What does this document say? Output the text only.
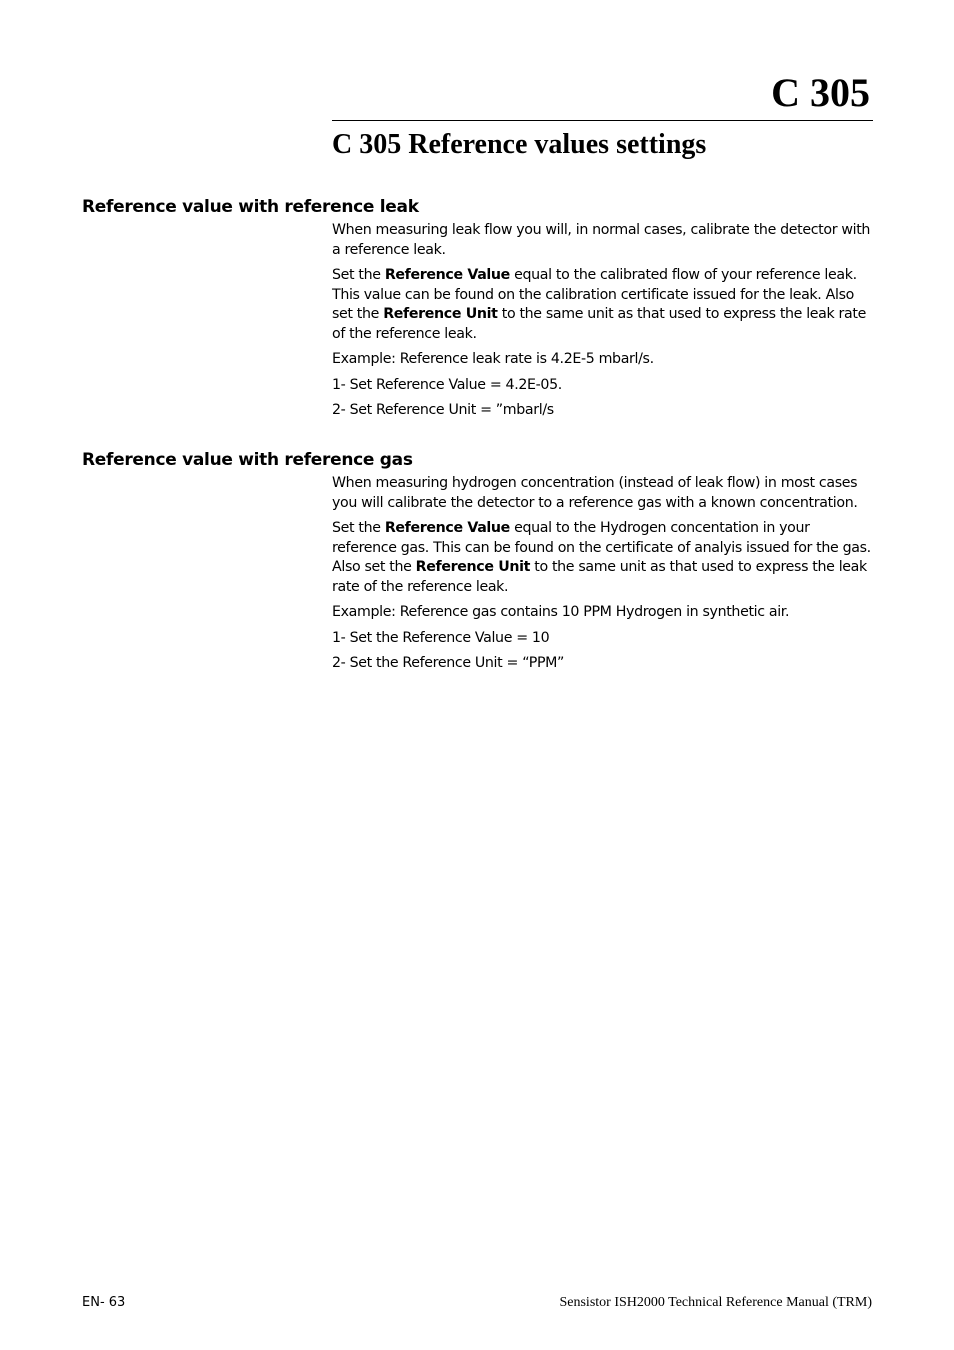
C 305
C 305 Reference values settings
Reference value with reference leak

When measuring leak flow you will, in normal cases, calibrate the detector with a reference leak.

Set the Reference Value equal to the calibrated flow of your reference leak. This value can be found on the calibration certificate issued for the leak. Also set the Reference Unit to the same unit as that used to express the leak rate of the reference leak.

Example: Reference leak rate is 4.2E-5 mbarl/s.

1- Set Reference Value = 4.2E-05.

2- Set Reference Unit = ”mbarl/s

Reference value with reference gas

When measuring hydrogen concentration (instead of leak flow) in most cases you will calibrate the detector to a reference gas with a known concentration.

Set the Reference Value equal to the Hydrogen concentation in your reference gas. This can be found on the certificate of analyis issued for the gas. Also set the Reference Unit to the same unit as that used to express the leak rate of the reference leak.

Example: Reference gas contains 10 PPM Hydrogen in synthetic air.

1- Set the Reference Value = 10

2- Set the Reference Unit = “PPM”

EN- 63	Sensistor ISH2000 Technical Reference Manual (TRM)
